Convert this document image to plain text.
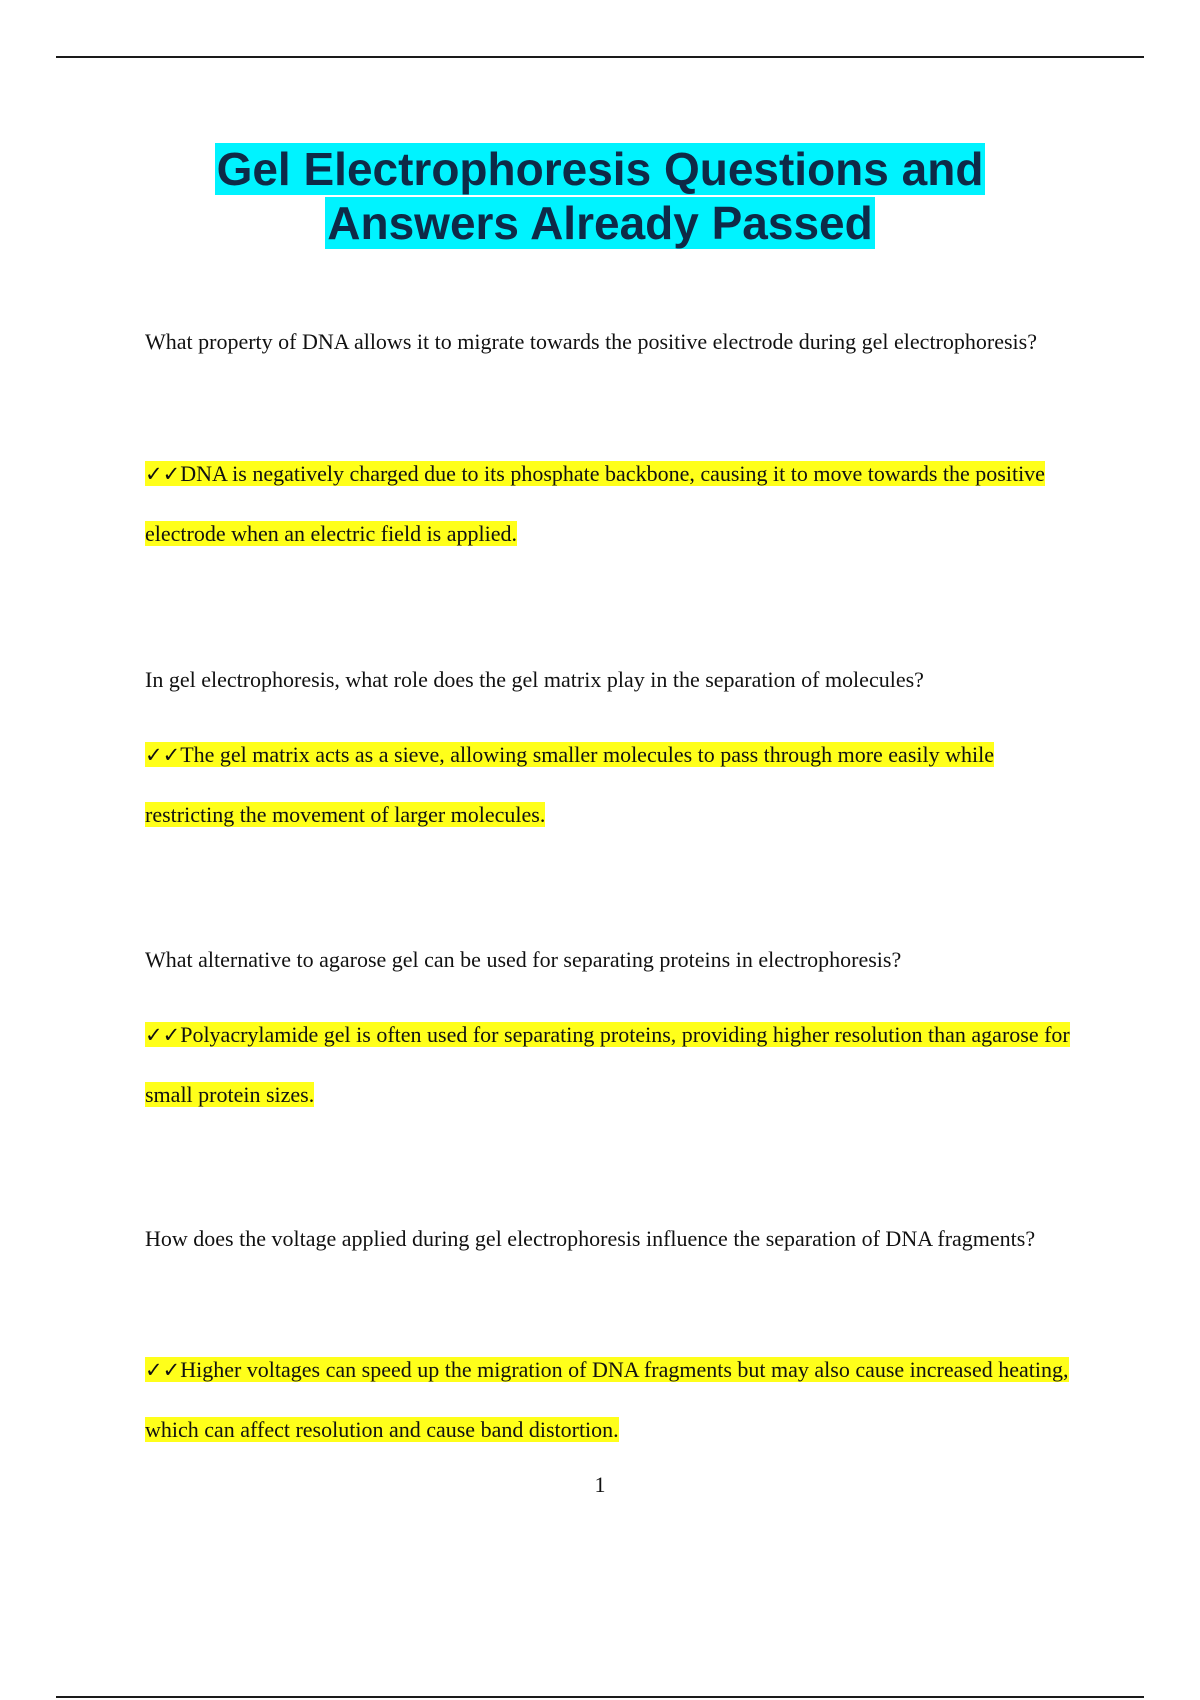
Gel Electrophoresis Questions and
Answers Already Passed

What property of DNA allows it to migrate towards the positive electrode during gel electrophoresis?

✓✓DNA is negatively charged due to its phosphate backbone, causing it to move towards the positive electrode when an electric field is applied.

In gel electrophoresis, what role does the gel matrix play in the separation of molecules?

✓✓The gel matrix acts as a sieve, allowing smaller molecules to pass through more easily while restricting the movement of larger molecules.

What alternative to agarose gel can be used for separating proteins in electrophoresis?

✓✓Polyacrylamide gel is often used for separating proteins, providing higher resolution than agarose for small protein sizes.

How does the voltage applied during gel electrophoresis influence the separation of DNA fragments?

✓✓Higher voltages can speed up the migration of DNA fragments but may also cause increased heating, which can affect resolution and cause band distortion.

1
